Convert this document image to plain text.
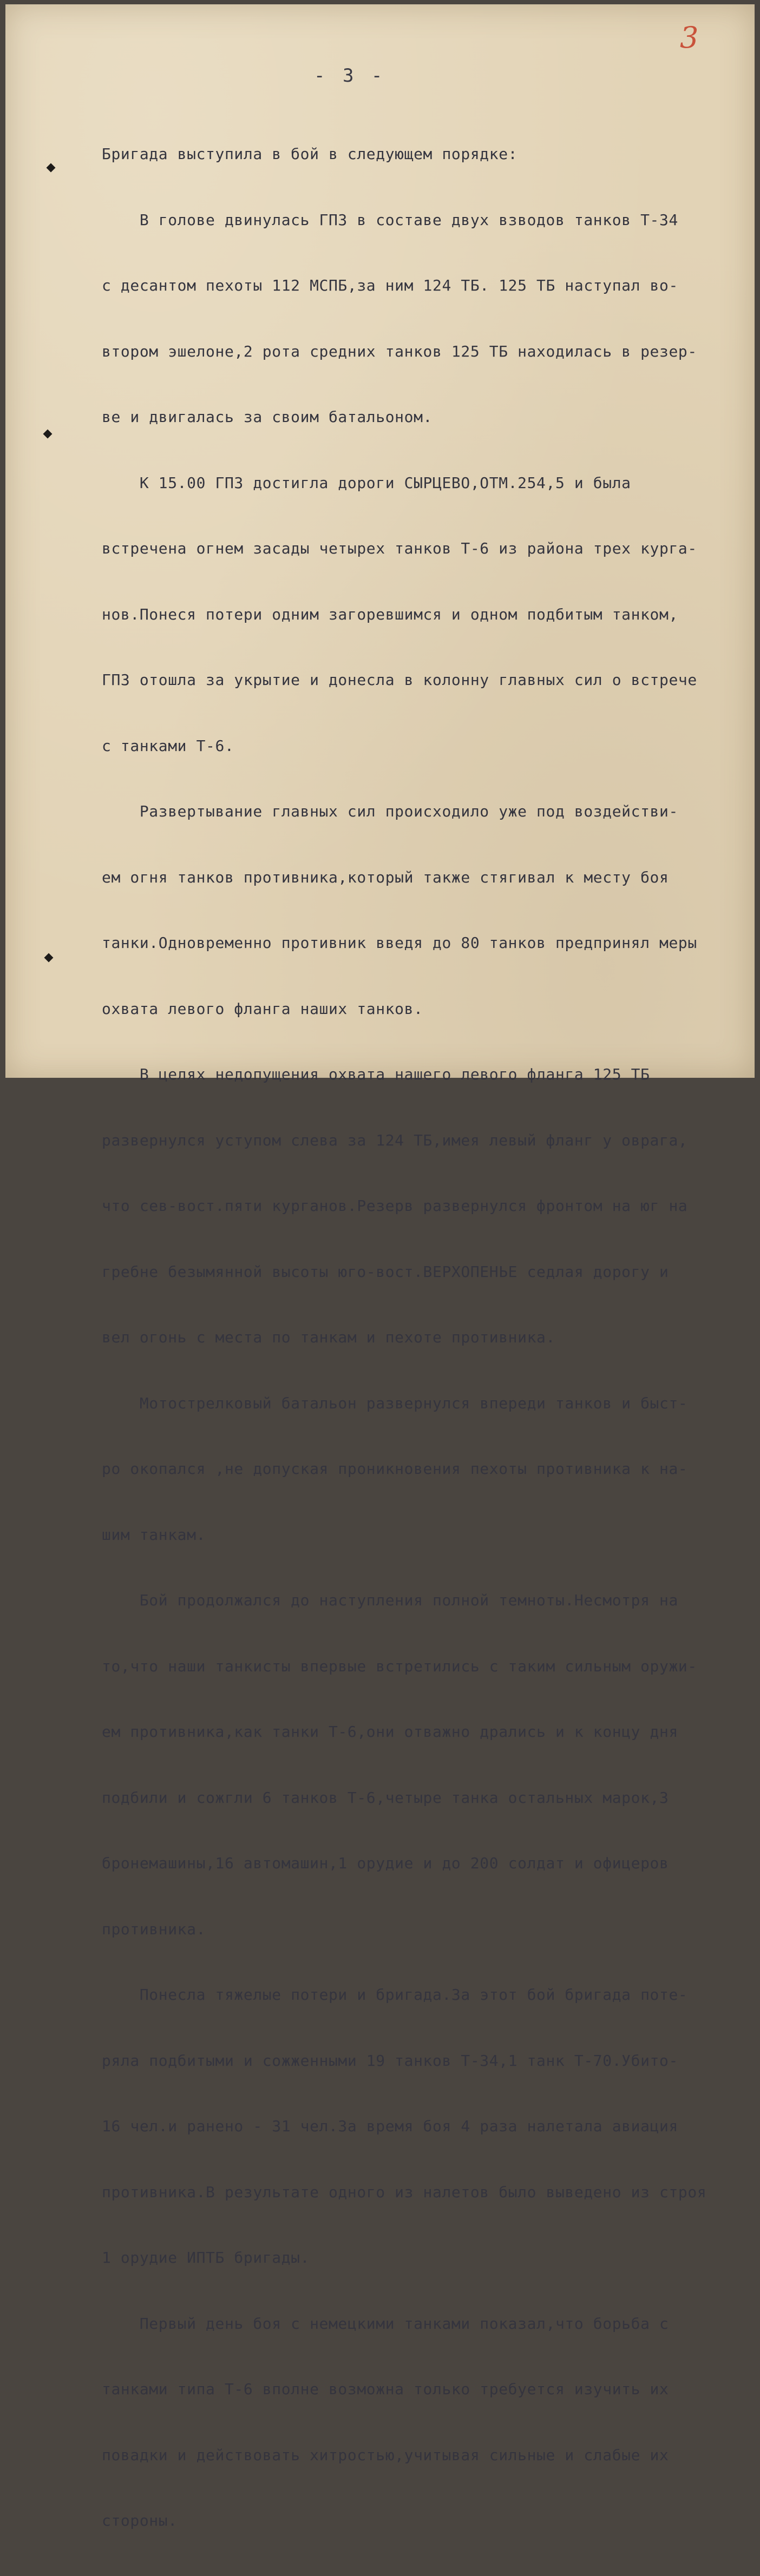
3
- 3 -

Бригада выступила в бой в следующем порядке:

В голове двинулась ГПЗ в составе двух взводов танков Т-34

с десантом пехоты 112 МСПБ,за ним 124 ТБ. 125 ТБ наступал во-

втором эшелоне,2 рота средних танков 125 ТБ находилась в резер-

ве и двигалась за своим батальоном.

К 15.00 ГПЗ достигла дороги СЫРЦЕВО,ОТМ.254,5 и была

встречена огнем засады четырех танков Т-6 из района трех курга-

нов.Понеся потери одним загоревшимся и одном подбитым танком,

ГПЗ отошла за укрытие и донесла в колонну главных сил о встрече

с танками Т-6.

Развертывание главных сил происходило уже под воздействи-

ем огня танков противника,который также стягивал к месту боя

танки.Одновременно противник введя до 80 танков предпринял меры

охвата левого фланга наших танков.

В целях недопущения охвата нашего левого фланга 125 ТБ

развернулся уступом слева за 124 ТБ,имея левый фланг у оврага,

что сев-вост.пяти курганов.Резерв развернулся фронтом на юг на

гребне безымянной высоты юго-вост.ВЕРХОПЕНЬЕ седлая дорогу и

вел огонь с места по танкам и пехоте противника.

Мотострелковый батальон развернулся впереди танков и быст-

ро окопался ,не допуская проникновения пехоты противника к на-

шим танкам.

Бой продолжался до наступления полной темноты.Несмотря на

то,что наши танкисты впервые встретились с таким сильным оружи-

ем противника,как танки Т-6,они отважно дрались и к концу дня

подбили и сожгли 6 танков Т-6,четыре танка остальных марок,3

бронемашины,16 автомашин,1 орудие и до 200 солдат и офицеров

противника.

Понесла тяжелые потери и бригада.За этот бой бригада поте-

ряла подбитыми и сожженными 19 танков Т-34,1 танк Т-70.Убито-

16 чел.и ранено - 31 чел.За время боя 4 раза налетала авиация

противника.В результате одного из налетов было выведено из строя

1 орудие ИПТБ бригады.

Первый день боя с немецкими танками показал,что борьба с

танками типа Т-6 вполне возможна только требуется изучить их

повадки и действовать хитростью,учитывая сильные и слабые их

стороны.
